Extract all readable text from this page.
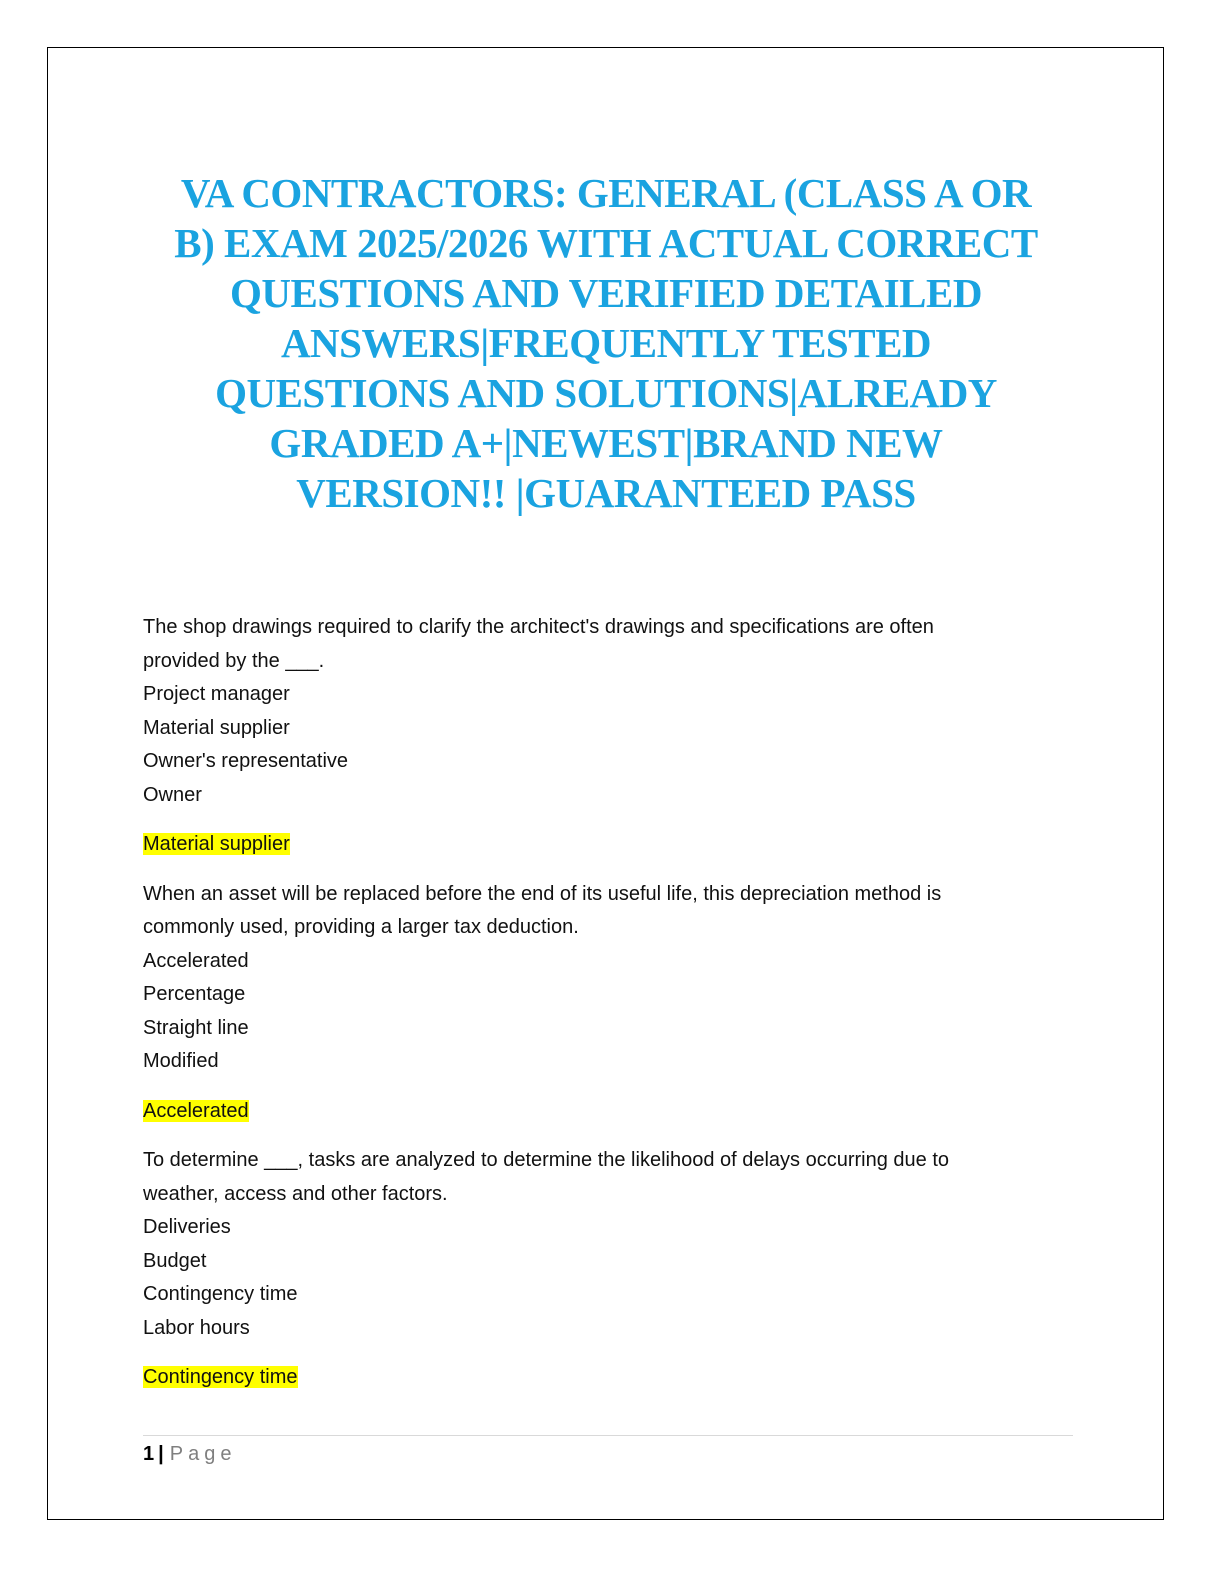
VA CONTRACTORS: GENERAL (CLASS A OR
B) EXAM 2025/2026 WITH ACTUAL CORRECT
QUESTIONS AND VERIFIED DETAILED
ANSWERS|FREQUENTLY TESTED
QUESTIONS AND SOLUTIONS|ALREADY
GRADED A+|NEWEST|BRAND NEW
VERSION!! |GUARANTEED PASS

The shop drawings required to clarify the architect's drawings and specifications are often
provided by the ___.

Project manager
Material supplier
Owner's representative
Owner

Material supplier

When an asset will be replaced before the end of its useful life, this depreciation method is
commonly used, providing a larger tax deduction.

Accelerated
Percentage
Straight line
Modified

Accelerated

To determine ___, tasks are analyzed to determine the likelihood of delays occurring due to
weather, access and other factors.

Deliveries
Budget
Contingency time
Labor hours

Contingency time

1 | Page
